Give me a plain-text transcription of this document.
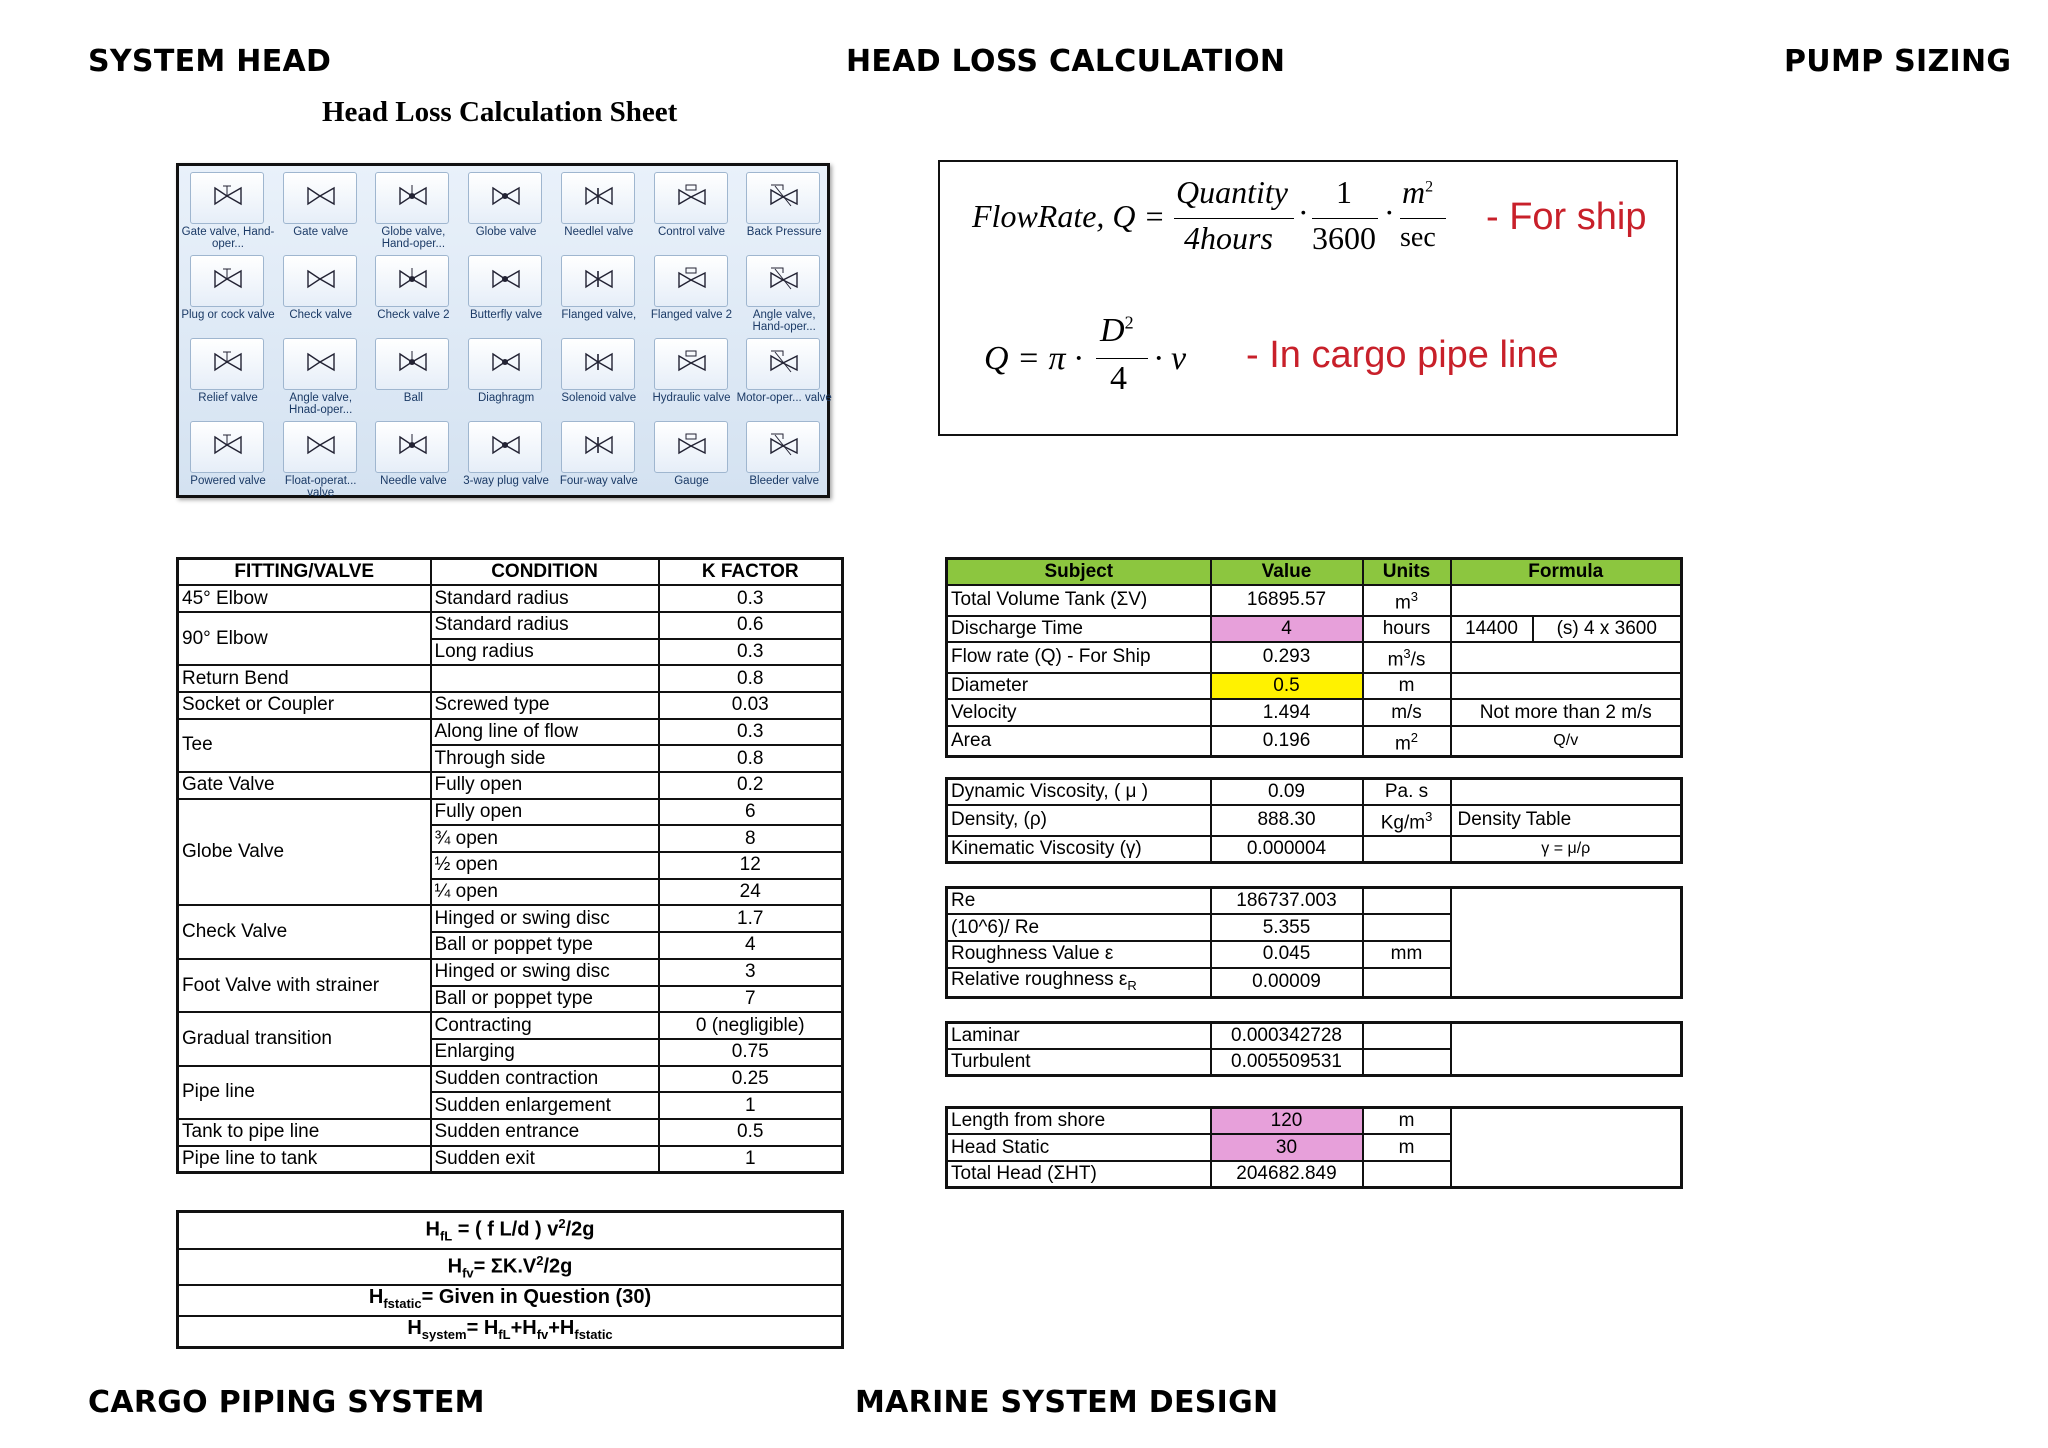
SYSTEM HEAD	HEAD LOSS CALCULATION	PUMP SIZING
CARGO PIPING SYSTEM	MARINE SYSTEM DESIGN
Head Loss Calculation Sheet
Gate valve, Hand-oper...
Gate valve	Globe valve, Hand-oper...
Globe valve	Needlel valve	Control valve	Back Pressure
Plug or cock valve	Check valve	Check valve 2	Butterfly valve	Flanged valve,	Flanged valve 2	Angle valve, Hand-oper...
Relief valve	Angle valve, Hnad-oper...
Ball	Diaghragm	Solenoid valve	Hydraulic valve Motor-oper... valve
Powered valve	Float-operat... valve
Needle valve	3-way plug valve Four-way valve	Gauge	Bleeder valve
FlowRate, Q =
Quantity
4hours
·
1
3600
·
$m^2$
sec - For ship
Q = π ·
$D^2$
4
· v - In cargo pipe line
FITTING/VALVE	CONDITION	K FACTOR
45° Elbow	Standard radius	0.3
90° Elbow	Standard radius	0.6
	Long radius	0.3
Return Bend		0.8
Socket or Coupler	Screwed type	0.03
Tee	Along line of flow	0.3
	Through side	0.8
Gate Valve	Fully open	0.2
Globe Valve	Fully open	6
	¾ open	8
	½ open	12
	¼ open	24
Check Valve	Hinged or swing disc	1.7
	Ball or poppet type	4
Foot Valve with strainer	Hinged or swing disc	3
	Ball or poppet type	7
Gradual transition	Contracting	0 (negligible)
	Enlarging	0.75
Pipe line	Sudden contraction	0.25
	Sudden enlargement	1
Tank to pipe line	Sudden entrance	0.5
Pipe line to tank	Sudden exit	1
$H_{fL}$ = ( f L/d ) $v^2/2g$
$H_{fv}= \Sigma K.V^2/2g$
$H_{fstatic}=$ Given in Question (30)
$H_{system}= H_{fL}+H_{fv}+H_{fstatic}$
Subject	Value	Units	Formula	
Total Volume Tank (ΣV)	16895.57	$m^3$	
Discharge Time	4	hours	14400	(s) 4 x 3600
Flow rate (Q) - For Ship	0.293	$m^3/s$		
Diameter	0.5	m		
Velocity	1.494	m/s	Not more than 2 m/s	
Area	0.196	$m^2$	Q/v	
Dynamic Viscosity, ( μ )	0.09	Pa. s	
Density, (ρ)	888.30	$Kg/m^3$	Density Table
Kinematic Viscosity (γ)	0.000004		γ = μ/ρ
Re	186737.003		
(10^6)/ Re	5.355		
Roughness Value ε	0.045	mm	
Relative roughness $\varepsilon_R$	0.00009		
Laminar	0.000342728		
Turbulent	0.005509531		
Length from shore	120	m	
Head Static	30	m	
Total Head (ΣHT)	204682.849		
